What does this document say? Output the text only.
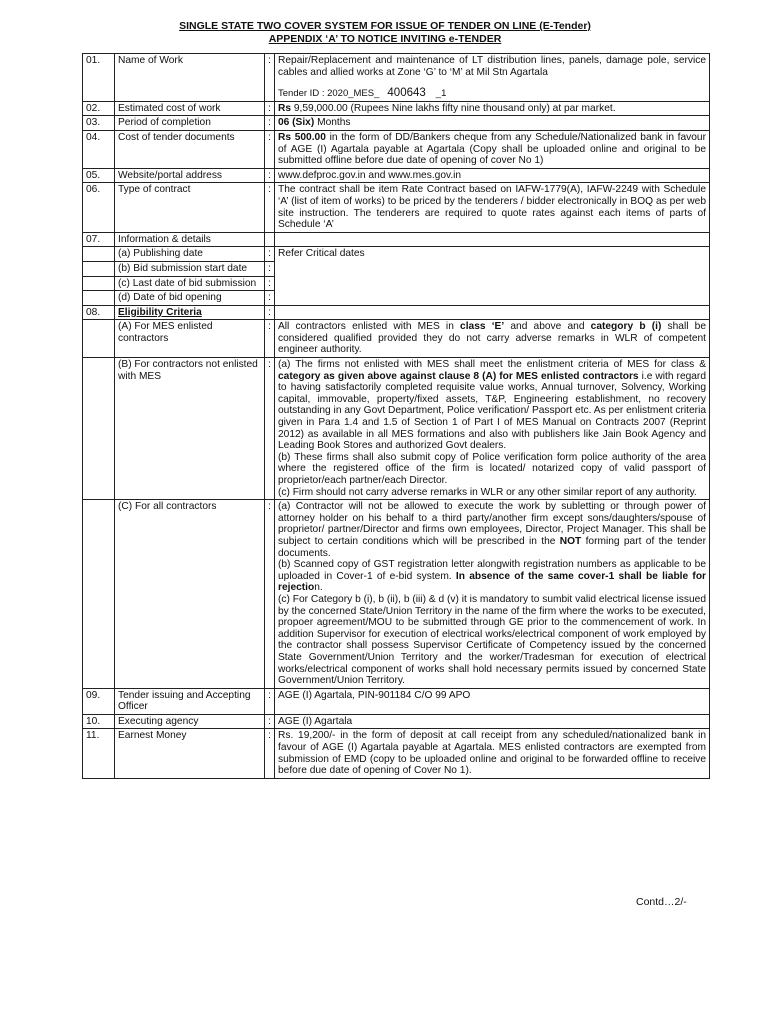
SINGLE STATE TWO COVER SYSTEM FOR ISSUE OF TENDER ON LINE (E-Tender)
APPENDIX ‘A’ TO NOTICE INVITING e-TENDER
01.	Name of Work	:	Repair/Replacement and maintenance of LT distribution lines, panels, damage pole, service cables and allied works at Zone ‘G’ to ‘M’ at Mil Stn Agartala
Tender ID : 2020_MES_ 400643 _1

02.	Estimated cost of work	:	Rs 9,59,000.00 (Rupees Nine lakhs fifty nine thousand only) at par market.
03.	Period of completion	:	06 (Six) Months
04.	Cost of tender documents	:	Rs 500.00 in the form of DD/Bankers cheque from any Schedule/Nationalized bank in favour of AGE (I) Agartala payable at Agartala (Copy shall be uploaded online and original to be submitted offline before due date of opening of cover No 1)
05.	Website/portal address	:	www.defproc.gov.in and www.mes.gov.in
06.	Type of contract	:	The contract shall be item Rate Contract based on IAFW-1779(A), IAFW-2249 with Schedule ‘A’ (list of item of works) to be priced by the tenderers / bidder electronically in BOQ as per web site instruction. The tenderers are required to quote rates against each items of parts of Schedule ‘A’
07.	Information & details		
	(a) Publishing date	:	Refer Critical dates
	(b) Bid submission start date	:	
	(c) Last date of bid submission	:	
	(d) Date of bid opening	:	
08.	Eligibility Criteria	:	
	(A) For MES enlisted contractors	:	All contractors enlisted with MES in class ‘E’ and above and category b (i) shall be considered qualified provided they do not carry adverse remarks in WLR of competent engineer authority.
	(B) For contractors not enlisted with MES	:	(a) The firms not enlisted with MES shall meet the enlistment criteria of MES for class & category as given above against clause 8 (A) for MES enlisted contractors i.e with regard to having satisfactorily completed requisite value works, Annual turnover, Solvency, Working capital, immovable, property/fixed assets, T&P, Engineering establishment, no recovery outstanding in any Govt Department, Police verification/ Passport etc. As per enlistment criteria given in Para 1.4 and 1.5 of Section 1 of Part I of MES Manual on Contracts 2007 (Reprint 2012) as available in all MES formations and also with publishers like Jain Book Agency and Leading Book Stores and authorized Govt dealers.
(b) These firms shall also submit copy of Police verification form police authority of the area where the registered office of the firm is located/ notarized copy of valid passport of proprietor/each partner/each Director.
(c) Firm should not carry adverse remarks in WLR or any other similar report of any authority.

	(C) For all contractors	:	(a) Contractor will not be allowed to execute the work by subletting or through power of attorney holder on his behalf to a third party/another firm except sons/daughters/spouse of proprietor/ partner/Director and firms own employees, Director, Project Manager. This shall be subject to certain conditions which will be prescribed in the NOT forming part of the tender documents.
(b) Scanned copy of GST registration letter alongwith registration numbers as applicable to be uploaded in Cover-1 of e-bid system. In absence of the same cover-1 shall be liable for rejection.
(c) For Category b (i), b (ii), b (iii) & d (v) it is mandatory to sumbit valid electrical license issued by the concerned State/Union Territory in the name of the firm where the works to be executed, propoer agreement/MOU to be submitted through GE prior to the commencement of work. In addition Supervisor for execution of electrical works/electrical component of work employed by the contractor shall possess Supervisor Certificate of Competency issued by the concerned State Government/Union Territory and the worker/Tradesman for execution of electrical works/electrical component of works shall hold necessary permits issued by concerned State Government/Union Territory.

09.	Tender issuing and Accepting Officer	:	AGE (I) Agartala, PIN-901184 C/O 99 APO
10.	Executing agency	:	AGE (I) Agartala
11.	Earnest Money	:	Rs. 19,200/- in the form of deposit at call receipt from any scheduled/nationalized bank in favour of AGE (I) Agartala payable at Agartala. MES enlisted contractors are exempted from submission of EMD (copy to be uploaded online and original to be forwarded offline to receive before due date of opening of Cover No 1).
Contd…2/-
